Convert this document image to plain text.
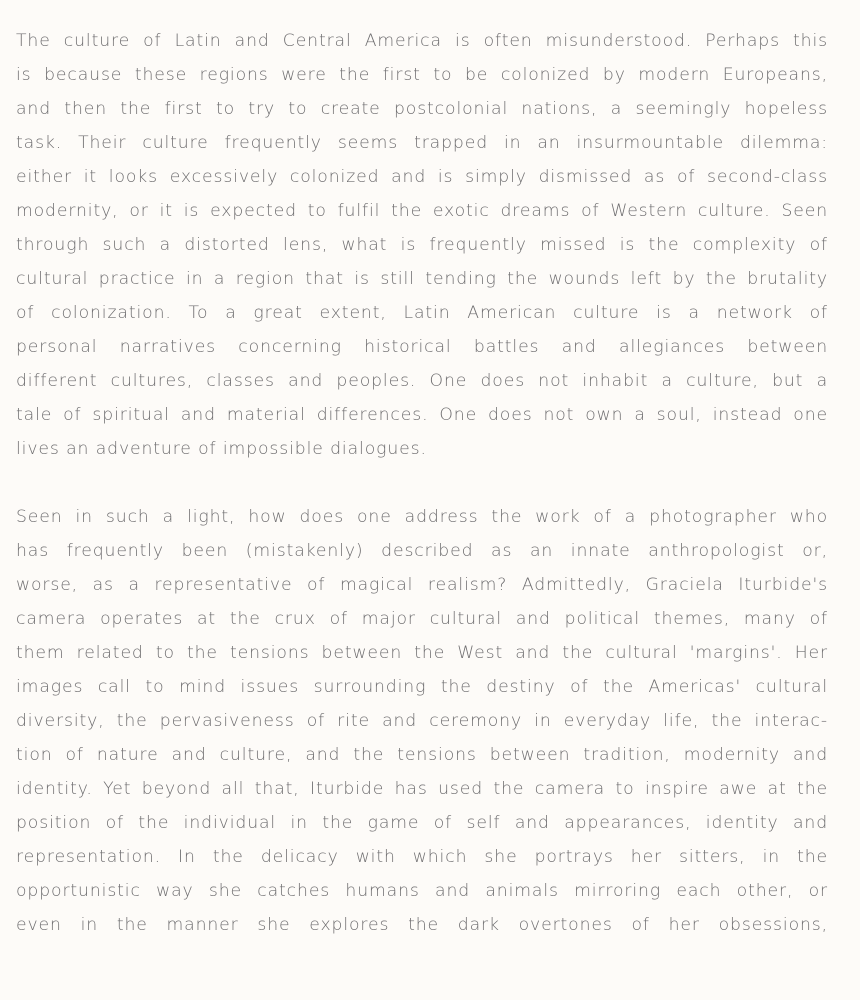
The culture of Latin and Central America is often misunderstood. Perhaps this
is because these regions were the first to be colonized by modern Europeans,
and then the first to try to create postcolonial nations, a seemingly hopeless
task. Their culture frequently seems trapped in an insurmountable dilemma:
either it looks excessively colonized and is simply dismissed as of second-class
modernity, or it is expected to fulfil the exotic dreams of Western culture. Seen
through such a distorted lens, what is frequently missed is the complexity of
cultural practice in a region that is still tending the wounds left by the brutality
of colonization. To a great extent, Latin American culture is a network of
personal narratives concerning historical battles and allegiances between
different cultures, classes and peoples. One does not inhabit a culture, but a
tale of spiritual and material differences. One does not own a soul, instead one
lives an adventure of impossible dialogues.

Seen in such a light, how does one address the work of a photographer who
has frequently been (mistakenly) described as an innate anthropologist or,
worse, as a representative of magical realism? Admittedly, Graciela Iturbide's
camera operates at the crux of major cultural and political themes, many of
them related to the tensions between the West and the cultural 'margins'. Her
images call to mind issues surrounding the destiny of the Americas' cultural
diversity, the pervasiveness of rite and ceremony in everyday life, the interac-
tion of nature and culture, and the tensions between tradition, modernity and
identity. Yet beyond all that, Iturbide has used the camera to inspire awe at the
position of the individual in the game of self and appearances, identity and
representation. In the delicacy with which she portrays her sitters, in the
opportunistic way she catches humans and animals mirroring each other, or
even in the manner she explores the dark overtones of her obsessions,
